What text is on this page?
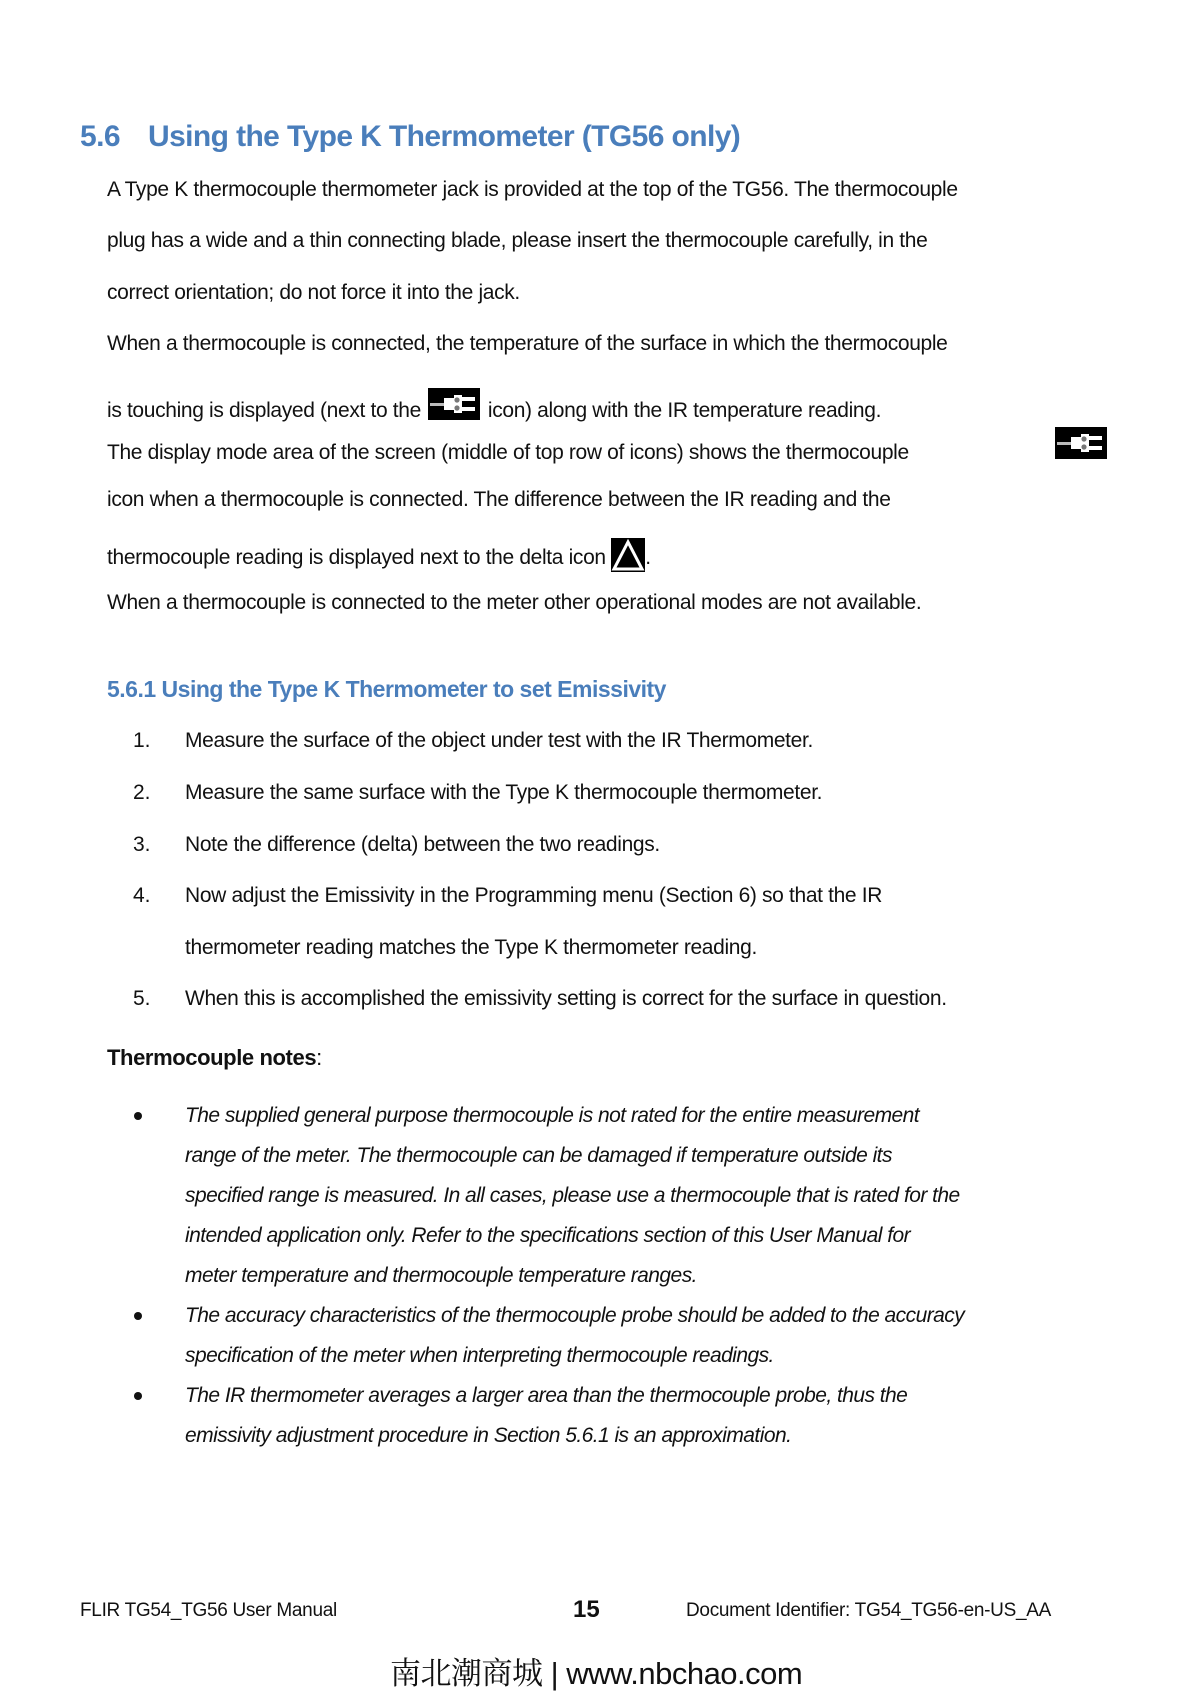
5.6 Using the Type K Thermometer (TG56 only)
A Type K thermocouple thermometer jack is provided at the top of the TG56. The thermocouple
plug has a wide and a thin connecting blade, please insert the thermocouple carefully, in the
correct orientation; do not force it into the jack.
When a thermocouple is connected, the temperature of the surface in which the thermocouple
is touching is displayed (next to the	icon) along with the IR temperature reading.
The display mode area of the screen (middle of top row of icons) shows the thermocouple
icon when a thermocouple is connected. The difference between the IR reading and the
thermocouple reading is displayed next to the delta icon .
When a thermocouple is connected to the meter other operational modes are not available.
5.6.1 Using the Type K Thermometer to set Emissivity
1. Measure the surface of the object under test with the IR Thermometer.
2. Measure the same surface with the Type K thermocouple thermometer.
3. Note the difference (delta) between the two readings.
4. Now adjust the Emissivity in the Programming menu (Section 6) so that the IR
thermometer reading matches the Type K thermometer reading.
5. When this is accomplished the emissivity setting is correct for the surface in question.
Thermocouple notes:
The supplied general purpose thermocouple is not rated for the entire measurement
range of the meter. The thermocouple can be damaged if temperature outside its
specified range is measured. In all cases, please use a thermocouple that is rated for the
intended application only. Refer to the specifications section of this User Manual for
meter temperature and thermocouple temperature ranges.
The accuracy characteristics of the thermocouple probe should be added to the accuracy
specification of the meter when interpreting thermocouple readings.
The IR thermometer averages a larger area than the thermocouple probe, thus the
emissivity adjustment procedure in Section 5.6.1 is an approximation.
FLIR TG54_TG56 User Manual	15	Document Identifier: TG54_TG56-en-US_AA
南北潮商城 | www.nbchao.com
